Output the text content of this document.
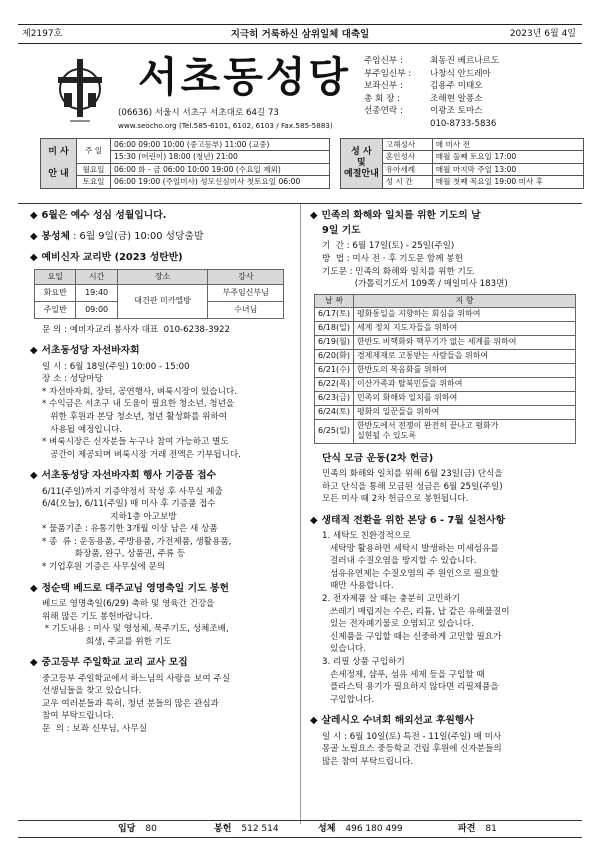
제2197호	지극히 거룩하신 삼위일체 대축일	2023년 6월 4일
서초동성당
(06636) 서울시 서초구 서초대로 64길 73
www.seocho.org (Tel.585-6101, 6102, 6103 / Fax.585-5883)
주임신부 :	최동진 베르나르도
부주임신부 : 나창식 안드레아
보좌신부 :	김용주 미태오
총 회 장 :	조해현 알퐁소
선종연락 :	이광조 토마스
010-8733-5836
미 사

안 내	주 일	06:00 09:00 10:00 (중고등부) 11:00 (교중)
		15:30 (어린이) 18:00 (청년) 21:00
	월요일	06:00 화 - 금 06:00 10:00 19:00 (수요일 제외)
	토요일	06:00 19:00 (주일미사) 성모신심미사 첫토요일 06:00
성 사
및
예절안내	고해성사	매 미사 전
	혼인성사	매월 둘째 토요일 17:00
	유아세례	매월 마지막 주일 13:00
	성 시 간	매월 첫째 목요일 19:00 미사 후
◆ 6월은 예수 성심 성월입니다.
◆ 봉성체 : 6월 9일(금) 10:00 성당출발
◆ 예비신자 교리반 (2023 성탄반)
요일	시간	장소	강사
화요반	19:40	대건관 미카엘방	부주임신부님
주일반	09:00		수녀님
문 의 : 예비자교리 봉사자 대표  010-6238-3922
◆ 서초동성당 자선바자회
일 시 : 6월 18일(주일) 10:00 - 15:00
장 소 : 성당마당
* 자선바자회, 장터, 공연행사, 벼룩시장이 있습니다.
* 수익금은 서초구 내 도움이 필요한 청소년, 청년을
위한 후원과 본당 청소년, 청년 활성화를 위하여
사용될 예정입니다.
* 벼룩시장은 신자분들 누구나 참여 가능하고 별도
공간이 제공되며 벼룩시장 거래 전액은 기부됩니다.
◆ 서초동성당 자선바자회 행사 기증품 접수
6/11(주일)까지 기증약정서 작성 후 사무실 제출
6/4(오늘), 6/11(주일) 매 미사 후 기증품 접수
지하1층 아고보방
* 물품기준 : 유통기한 3개월 이상 남은 새 상품
* 종  류 : 운동용품, 주방용품, 가전제품, 생활용품,
화장품, 완구, 상품권, 주류 등
* 기업후원 기증은 사무실에 문의
◆ 정순택 베드로 대주교님 영명축일 기도 봉헌
베드로 영명축일(6/29) 축하 및 영육간 건강을
위해 많은 기도 봉헌바랍니다.
* 기도내용 : 미사 및 영성체, 묵주기도, 성체조배,
희생, 주교를 위한 기도
◆ 중고등부 주일학교 교리 교사 모집
중고등부 주일학교에서 하느님의 사랑을 보여 주실
선생님들을 찾고 있습니다.
교우 여러분들과 특히, 청년 분들의 많은 관심과
참여 부탁드립니다.
문  의 : 보좌 신부님, 사무실
◆ 민족의 화해와 일치를 위한 기도의 날
9일 기도
기  간 : 6월 17일(토) - 25일(주일)
방  법 : 미사 전 · 후 기도문 함께 봉헌
기도문 : 민족의 화해와 일치를 위한 기도
(가톨릭기도서 109쪽 / 매일미사 183면)
날 짜	지 향
6/17(토)	평화통일을 지향하는 회심을 위하여
6/18(일)	세계 정치 지도자들을 위하여
6/19(월)	한반도 비핵화와 핵무기가 없는 세계를 위하여
6/20(화)	경제제재로 고통받는 사람들을 위하여
6/21(수)	한반도의 복음화를 위하여
6/22(목)	이산가족과 탈북민들을 위하여
6/23(금)	민족의 화해와 일치를 위하여
6/24(토)	평화의 일꾼들을 위하여
6/25(일)	한반도에서 전쟁이 완전히 끝나고 평화가
실현될 수 있도록
단식 모금 운동(2차 헌금)
민족의 화해와 일치를 위해 6월 23일(금) 단식을
하고 단식을 통해 모금된 성금은 6월 25일(주일)
모든 미사 때 2차 헌금으로 봉헌됩니다.
◆ 생태적 전환을 위한 본당 6 - 7월 실천사항
1. 세탁도 친환경적으로
세탁망 활용하면 세탁시 발생하는 미세섬유를
걸러내 수질오염을 방지할 수 있습니다.
섬유유연제는 수질오염의 주 원인으로 필요할
때만 사용합니다.
2. 전자제품 살 때는 충분히 고민하기
쓰레기 매립지는 수은, 리튬, 납 같은 유해물질이
있는 전자폐기물로 오염되고 있습니다.
신제품을 구입할 때는 신중하게 고민할 필요가
있습니다.
3. 리필 상품 구입하기
손세정제, 샴푸, 섬유 세제 등을 구입할 때
플라스틱 용기가 필요하지 않다면 리필제품을
구입합니다.
◆ 살레시오 수녀회 해외선교 후원행사
일 시 : 6월 10일(토) 특전 - 11일(주일) 매 미사
몽골 노릴요스 중등학교 건립 후원에 신자분들의
많은 참여 부탁드립니다.
입당 80	봉헌 512 514	성체 496 180 499	파견 81
